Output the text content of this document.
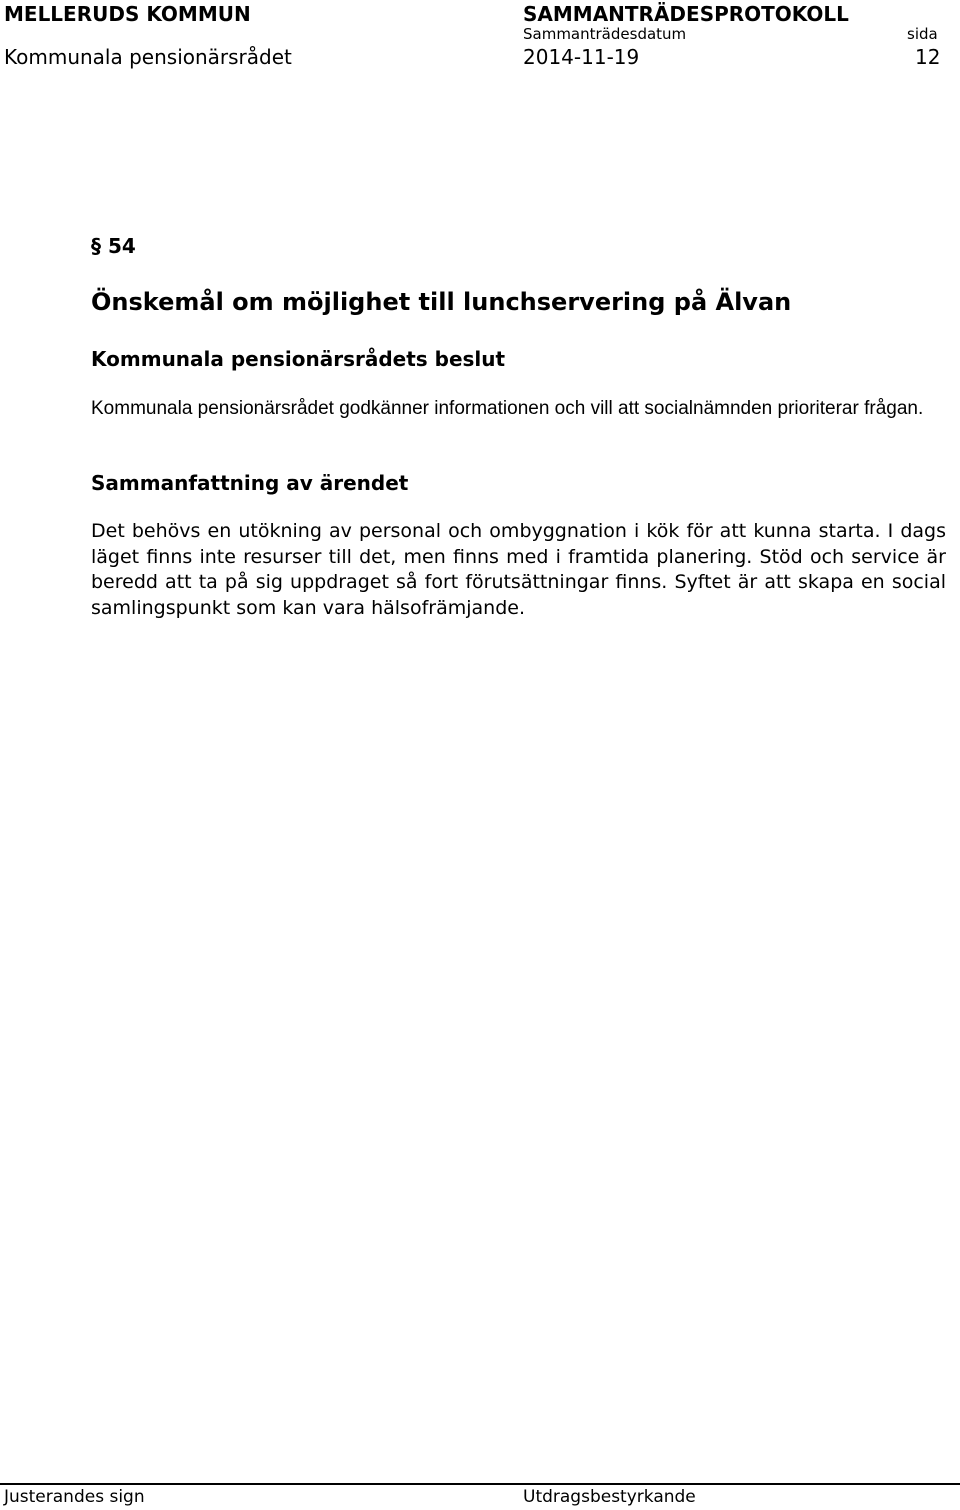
MELLERUDS KOMMUN	SAMMANTRÄDESPROTOKOLL
Sammanträdesdatum	sida
Kommunala pensionärsrådet	2014-11-19	12
§ 54
Önskemål om möjlighet till lunchservering på Älvan
Kommunala pensionärsrådets beslut
Kommunala pensionärsrådet godkänner informationen och vill att socialnämnden prioriterar frågan.
Sammanfattning av ärendet
Det behövs en utökning av personal och ombyggnation i kök för att kunna starta. I dags läget finns inte resurser till det, men finns med i framtida planering. Stöd och service är beredd att ta på sig uppdraget så fort förutsättningar finns. Syftet är att skapa en social samlingspunkt som kan vara hälsofrämjande.
Justerandes sign	Utdragsbestyrkande
